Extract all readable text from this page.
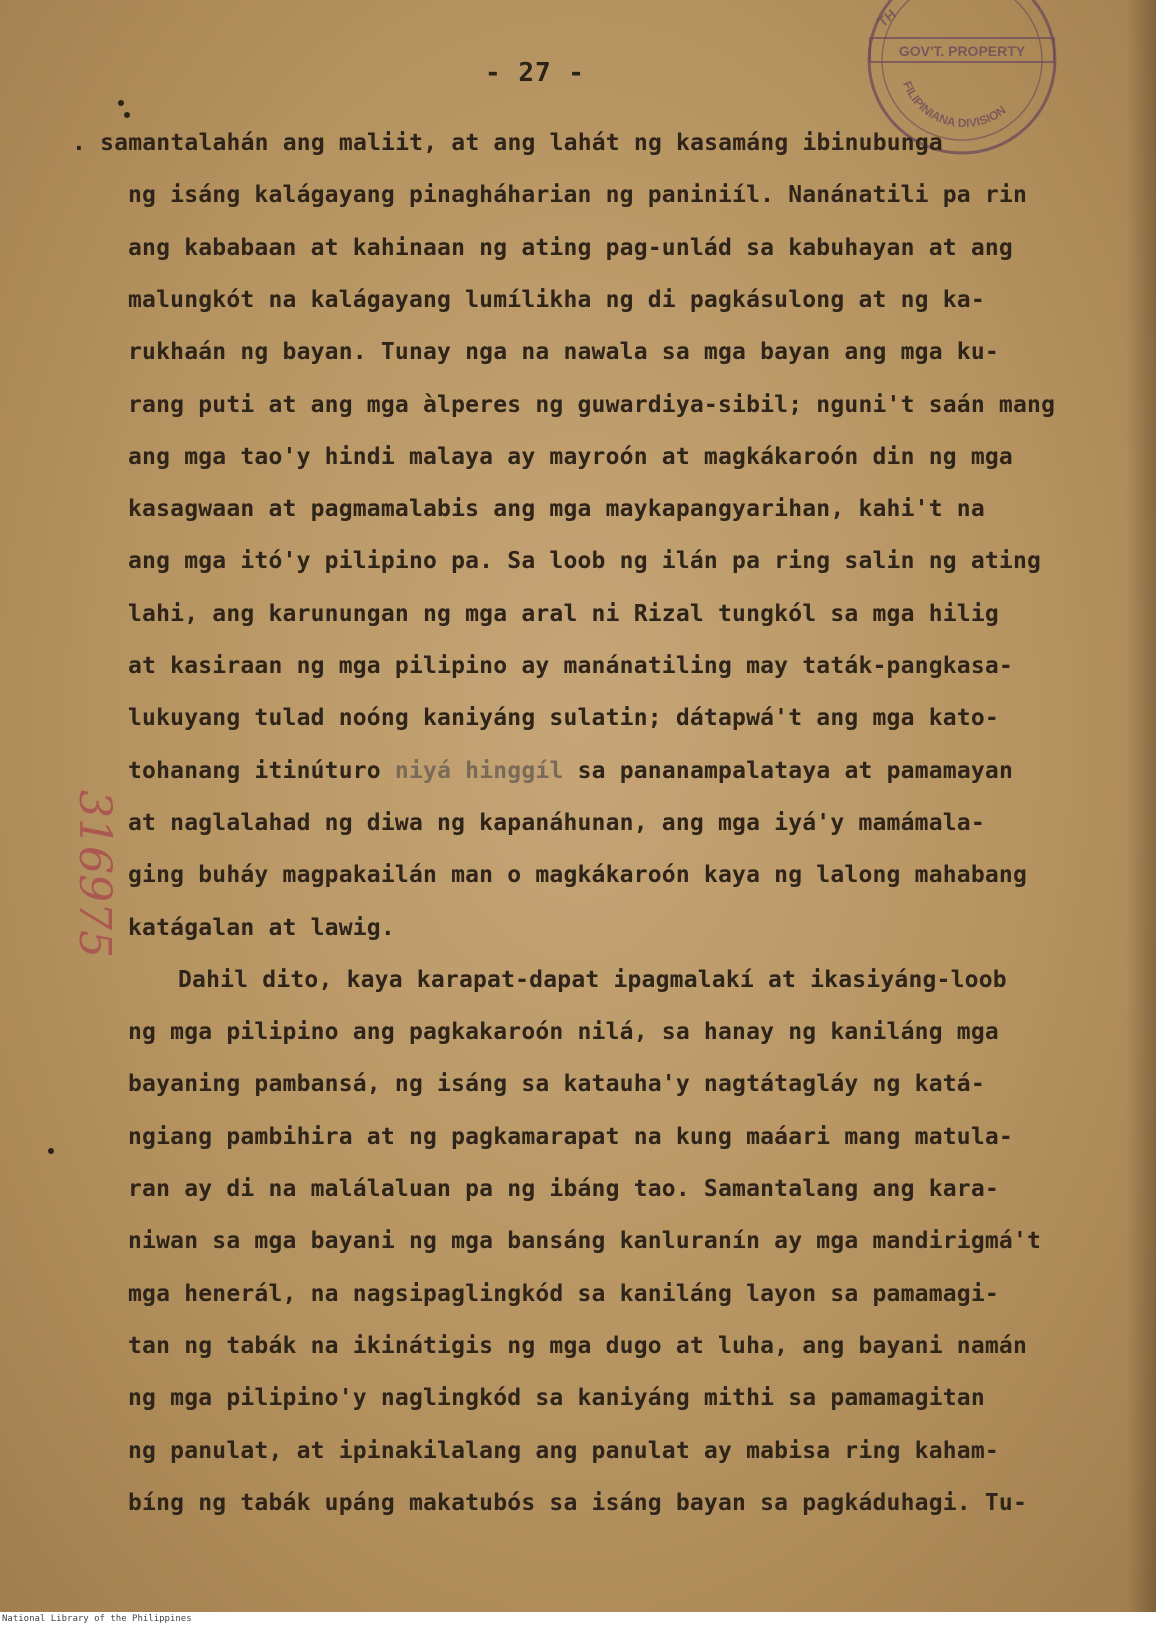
GOV'T. PROPERTY
TH
FILIPINIANA DIVISION
- 27 -
316975
. samantalahán ang maliit, at ang lahát ng kasamáng ibinubunga
ng isáng kalágayang pinagháharian ng paniniíl. Nanánatili pa rin
ang kababaan at kahinaan ng ating pag-unlád sa kabuhayan at ang
malungkót na kalágayang lumílikha ng di pagkásulong at ng ka-
rukhaán ng bayan. Tunay nga na nawala sa mga bayan ang mga ku-
rang puti at ang mga àlperes ng guwardiya-sibil; nguni't saán mang
ang mga tao'y hindi malaya ay mayroón at magkákaroón din ng mga
kasagwaan at pagmamalabis ang mga maykapangyarihan, kahi't na
ang mga itó'y pilipino pa. Sa loob ng ilán pa ring salin ng ating
lahi, ang karunungan ng mga aral ni Rizal tungkól sa mga hilig
at kasiraan ng mga pilipino ay manánatiling may taták-pangkasa-
lukuyang tulad noóng kaniyáng sulatin; dátapwá't ang mga kato-
tohanang itinúturo niyá hinggíl sa pananampalataya at pamamayan
at naglalahad ng diwa ng kapanáhunan, ang mga iyá'y mamámala-
ging buháy magpakailán man o magkákaroón kaya ng lalong mahabang
katágalan at lawig.
Dahil dito, kaya karapat-dapat ipagmalakí at ikasiyáng-loob
ng mga pilipino ang pagkakaroón nilá, sa hanay ng kaniláng mga
bayaning pambansá, ng isáng sa katauha'y nagtátagláy ng katá-
ngiang pambihira at ng pagkamarapat na kung maáari mang matula-
ran ay di na malálaluan pa ng ibáng tao. Samantalang ang kara-
niwan sa mga bayani ng mga bansáng kanluranín ay mga mandirigmá't
mga henerál, na nagsipaglingkód sa kaniláng layon sa pamamagi-
tan ng tabák na ikinátigis ng mga dugo at luha, ang bayani namán
ng mga pilipino'y naglingkód sa kaniyáng mithi sa pamamagitan
ng panulat, at ipinakilalang ang panulat ay mabisa ring kaham-
bíng ng tabák upáng makatubós sa isáng bayan sa pagkáduhagi. Tu-
National Library of the Philippines
